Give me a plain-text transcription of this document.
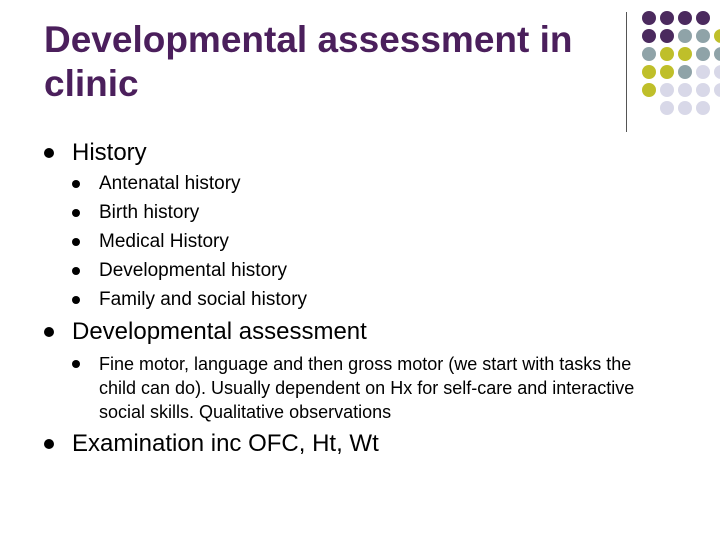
Developmental assessment in clinic
History
Antenatal history
Birth history
Medical History
Developmental history
Family and social history
Developmental assessment
Fine motor, language and then gross motor (we start with tasks the child can do). Usually dependent on Hx for self-care and interactive social skills. Qualitative observations
Examination inc OFC, Ht, Wt
